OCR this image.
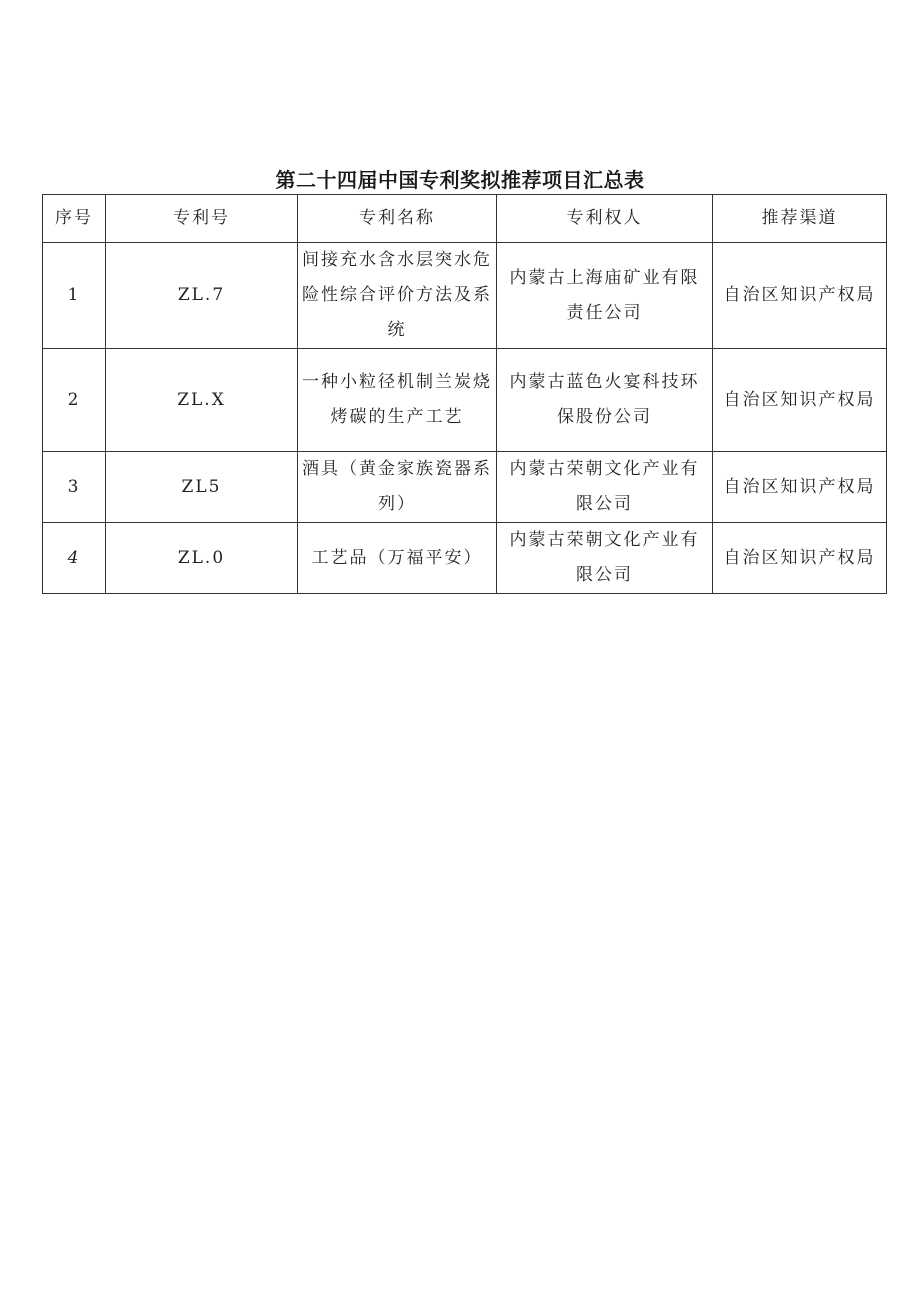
第二十四届中国专利奖拟推荐项目汇总表
序号	专利号	专利名称	专利权人	推荐渠道
1	ZL.7	间接充水含水层突水危险性综合评价方法及系统	内蒙古上海庙矿业有限责任公司	自治区知识产权局
2	ZL.X	一种小粒径机制兰炭烧烤碳的生产工艺	内蒙古蓝色火宴科技环保股份公司	自治区知识产权局
3	ZL5	酒具（黄金家族瓷器系列）	内蒙古荣朝文化产业有限公司	自治区知识产权局
4	ZL.0	工艺品（万福平安）	内蒙古荣朝文化产业有限公司	自治区知识产权局
